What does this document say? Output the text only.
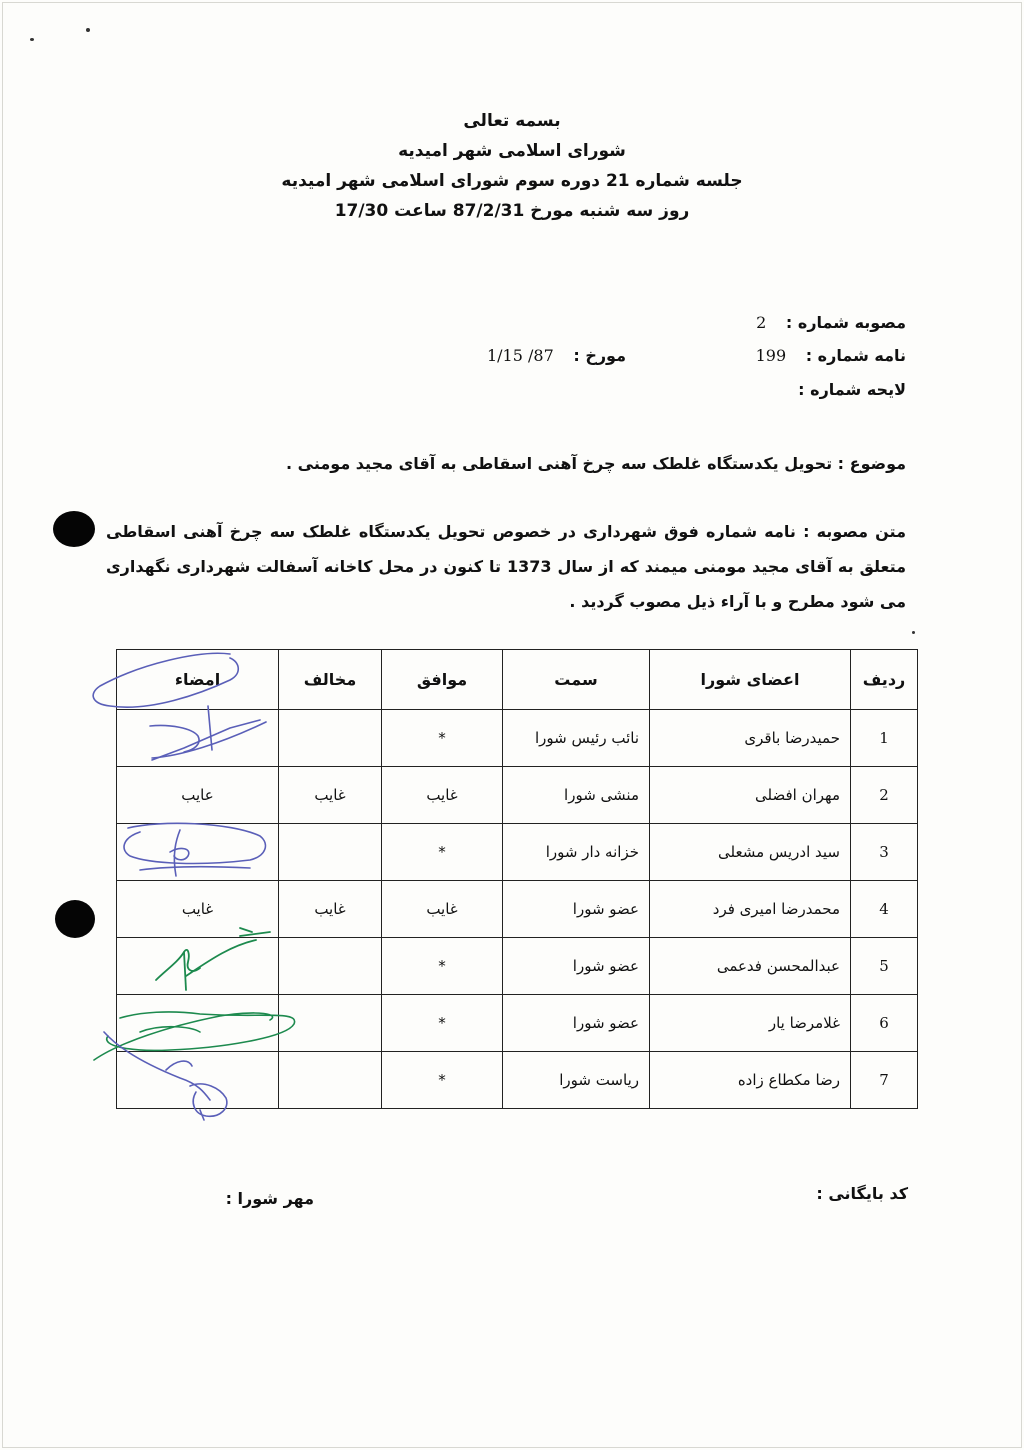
بسمه تعالی
شورای اسلامی شهر امیدیه
جلسه شماره 21 دوره سوم شورای اسلامی شهر امیدیه
روز سه شنبه مورخ 87/2/31 ساعت 17/30
مصوبه شماره : 2
نامه شماره : 199
مورخ : 87/ 1/15
لایحه شماره :
موضوع : تحویل یکدستگاه غلطک سه چرخ آهنی اسقاطی به آقای مجید مومنی .
متن مصوبه : نامه شماره فوق شهرداری در خصوص تحویل یکدستگاه غلطک سه چرخ آهنی اسقاطی متعلق به آقای مجید مومنی میمند که از سال 1373 تا کنون در محل کاخانه آسفالت شهرداری نگهداری می شود مطرح و با آراء ذیل مصوب گردید .
ردیف	اعضای شورا	سمت	موافق	مخالف	امضاء
1	حمیدرضا باقری	نائب رئیس شورا	*		
2	مهران افضلی	منشی شورا	غایب	غایب	عایب
3	سید ادریس مشعلی	خزانه دار شورا	*		
4	محمدرضا امیری فرد	عضو شورا	غایب	غایب	غایب
5	عبدالمحسن فدعمی	عضو شورا	*		
6	غلامرضا یار	عضو شورا	*		
7	رضا مکطاع زاده	ریاست شورا	*		
کد بایگانی :
مهر شورا :
